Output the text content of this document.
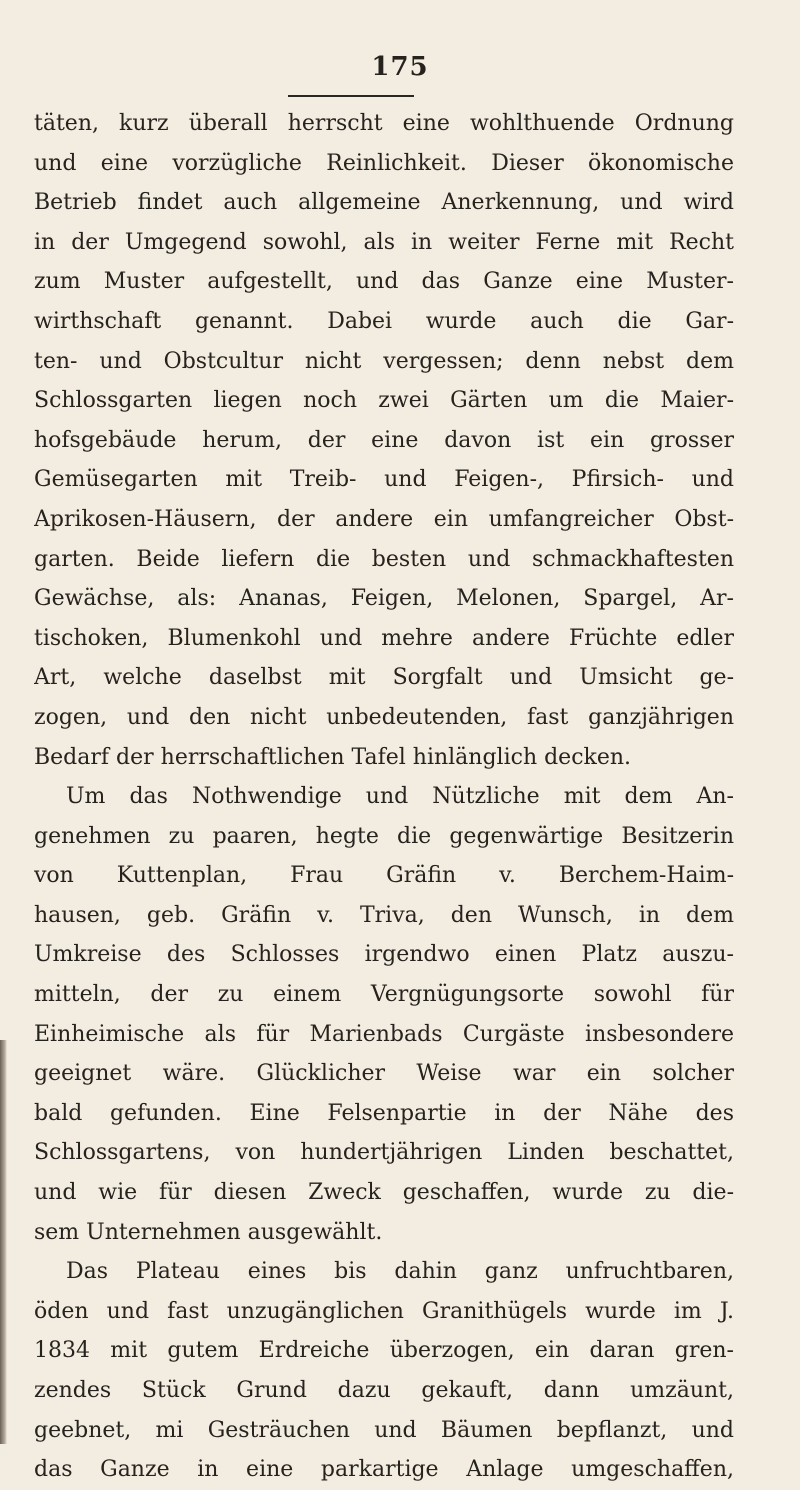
175
täten, kurz überall herrscht eine wohlthuende Ordnung
und eine vorzügliche Reinlichkeit. Dieser ökonomische
Betrieb findet auch allgemeine Anerkennung, und wird
in der Umgegend sowohl, als in weiter Ferne mit Recht
zum Muster aufgestellt, und das Ganze eine Muster-
wirthschaft genannt. Dabei wurde auch die Gar-
ten- und Obstcultur nicht vergessen; denn nebst dem
Schlossgarten liegen noch zwei Gärten um die Maier-
hofsgebäude herum, der eine davon ist ein grosser
Gemüsegarten mit Treib- und Feigen-, Pfirsich- und
Aprikosen-Häusern, der andere ein umfangreicher Obst-
garten. Beide liefern die besten und schmackhaftesten
Gewächse, als: Ananas, Feigen, Melonen, Spargel, Ar-
tischoken, Blumenkohl und mehre andere Früchte edler
Art, welche daselbst mit Sorgfalt und Umsicht ge-
zogen, und den nicht unbedeutenden, fast ganzjährigen
Bedarf der herrschaftlichen Tafel hinlänglich decken.
Um das Nothwendige und Nützliche mit dem An-
genehmen zu paaren, hegte die gegenwärtige Besitzerin
von Kuttenplan, Frau Gräfin v. Berchem-Haim-
hausen, geb. Gräfin v. Triva, den Wunsch, in dem
Umkreise des Schlosses irgendwo einen Platz auszu-
mitteln, der zu einem Vergnügungsorte sowohl für
Einheimische als für Marienbads Curgäste insbesondere
geeignet wäre. Glücklicher Weise war ein solcher
bald gefunden. Eine Felsenpartie in der Nähe des
Schlossgartens, von hundertjährigen Linden beschattet,
und wie für diesen Zweck geschaffen, wurde zu die-
sem Unternehmen ausgewählt.
Das Plateau eines bis dahin ganz unfruchtbaren,
öden und fast unzugänglichen Granithügels wurde im J.
1834 mit gutem Erdreiche überzogen, ein daran gren-
zendes Stück Grund dazu gekauft, dann umzäunt,
geebnet, mi Gesträuchen und Bäumen bepflanzt, und
das Ganze in eine parkartige Anlage umgeschaffen,
